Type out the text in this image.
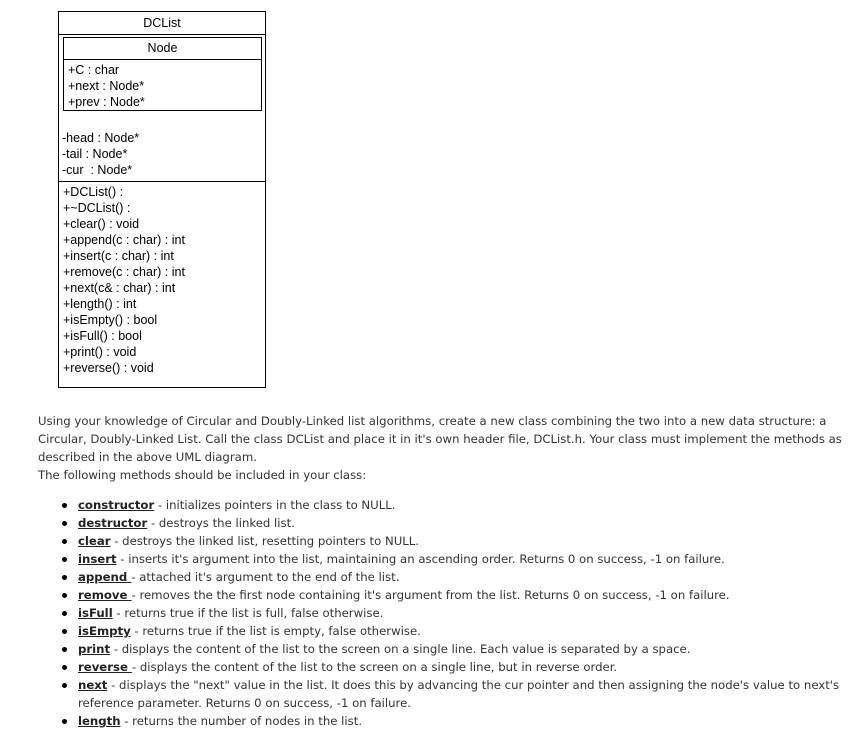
DCList
Node
+C : char
+next : Node*
+prev : Node*
-head : Node*
-tail : Node*
-cur  : Node*
+DCList() :
+~DCList() :
+clear() : void
+append(c : char) : int
+insert(c : char) : int
+remove(c : char) : int
+next(c& : char) : int
+length() : int
+isEmpty() : bool
+isFull() : bool
+print() : void
+reverse() : void

Using your knowledge of Circular and Doubly-Linked list algorithms, create a new class combining the two into a new data structure: a Circular, Doubly-Linked List. Call the class DCList and place it in it's own header file, DCList.h. Your class must implement the methods as described in the above UML diagram.

The following methods should be included in your class:

constructor - initializes pointers in the class to NULL.
destructor - destroys the linked list.
clear - destroys the linked list, resetting pointers to NULL.
insert - inserts it's argument into the list, maintaining an ascending order. Returns 0 on success, -1 on failure.
append - attached it's argument to the end of the list.
remove - removes the the first node containing it's argument from the list. Returns 0 on success, -1 on failure.
isFull - returns true if the list is full, false otherwise.
isEmpty - returns true if the list is empty, false otherwise.
print - displays the content of the list to the screen on a single line. Each value is separated by a space.
reverse - displays the content of the list to the screen on a single line, but in reverse order.
next - displays the "next" value in the list. It does this by advancing the cur pointer and then assigning the node's value to next's reference parameter. Returns 0 on success, -1 on failure.
length - returns the number of nodes in the list.
